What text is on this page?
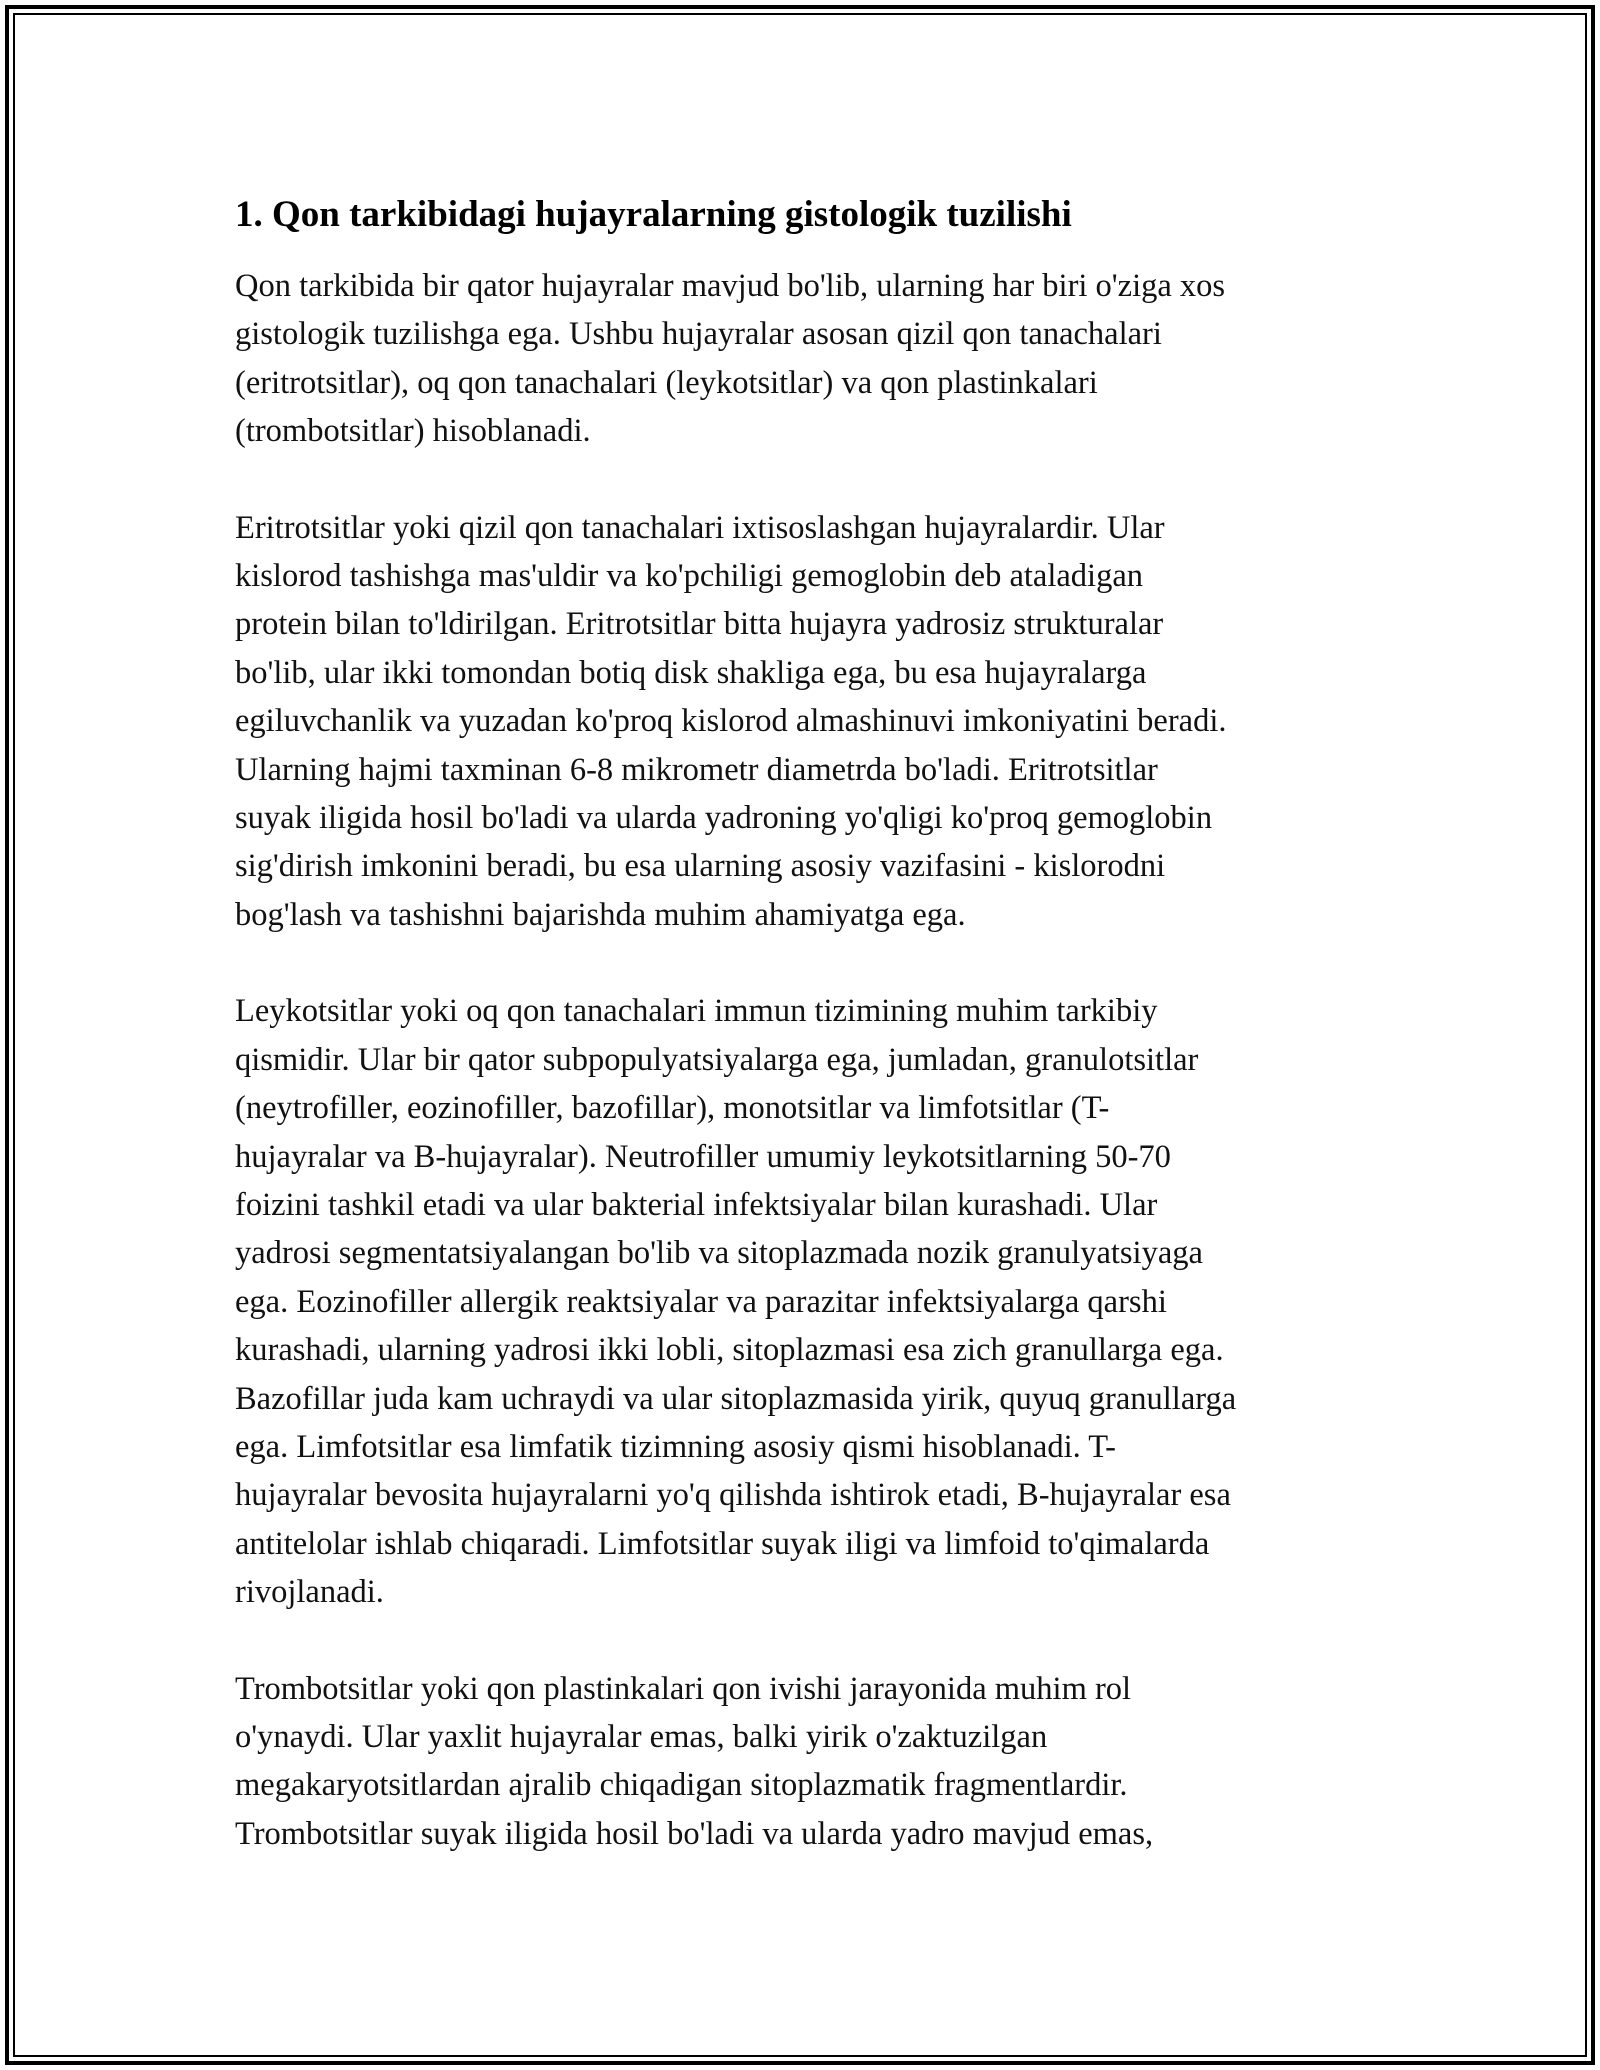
1. Qon tarkibidagi hujayralarning gistologik tuzilishi

Qon tarkibida bir qator hujayralar mavjud bo'lib, ularning har biri o'ziga xos
gistologik tuzilishga ega. Ushbu hujayralar asosan qizil qon tanachalari
(eritrotsitlar), oq qon tanachalari (leykotsitlar) va qon plastinkalari
(trombotsitlar) hisoblanadi.

Eritrotsitlar yoki qizil qon tanachalari ixtisoslashgan hujayralardir. Ular
kislorod tashishga mas'uldir va ko'pchiligi gemoglobin deb ataladigan
protein bilan to'ldirilgan. Eritrotsitlar bitta hujayra yadrosiz strukturalar
bo'lib, ular ikki tomondan botiq disk shakliga ega, bu esa hujayralarga
egiluvchanlik va yuzadan ko'proq kislorod almashinuvi imkoniyatini beradi.
Ularning hajmi taxminan 6-8 mikrometr diametrda bo'ladi. Eritrotsitlar
suyak iligida hosil bo'ladi va ularda yadroning yo'qligi ko'proq gemoglobin
sig'dirish imkonini beradi, bu esa ularning asosiy vazifasini - kislorodni
bog'lash va tashishni bajarishda muhim ahamiyatga ega.

Leykotsitlar yoki oq qon tanachalari immun tizimining muhim tarkibiy
qismidir. Ular bir qator subpopulyatsiyalarga ega, jumladan, granulotsitlar
(neytrofiller, eozinofiller, bazofillar), monotsitlar va limfotsitlar (T-
hujayralar va B-hujayralar). Neutrofiller umumiy leykotsitlarning 50-70
foizini tashkil etadi va ular bakterial infektsiyalar bilan kurashadi. Ular
yadrosi segmentatsiyalangan bo'lib va sitoplazmada nozik granulyatsiyaga
ega. Eozinofiller allergik reaktsiyalar va parazitar infektsiyalarga qarshi
kurashadi, ularning yadrosi ikki lobli, sitoplazmasi esa zich granullarga ega.
Bazofillar juda kam uchraydi va ular sitoplazmasida yirik, quyuq granullarga
ega. Limfotsitlar esa limfatik tizimning asosiy qismi hisoblanadi. T-
hujayralar bevosita hujayralarni yo'q qilishda ishtirok etadi, B-hujayralar esa
antitelolar ishlab chiqaradi. Limfotsitlar suyak iligi va limfoid to'qimalarda
rivojlanadi.

Trombotsitlar yoki qon plastinkalari qon ivishi jarayonida muhim rol
o'ynaydi. Ular yaxlit hujayralar emas, balki yirik o'zaktuzilgan
megakaryotsitlardan ajralib chiqadigan sitoplazmatik fragmentlardir.
Trombotsitlar suyak iligida hosil bo'ladi va ularda yadro mavjud emas,
